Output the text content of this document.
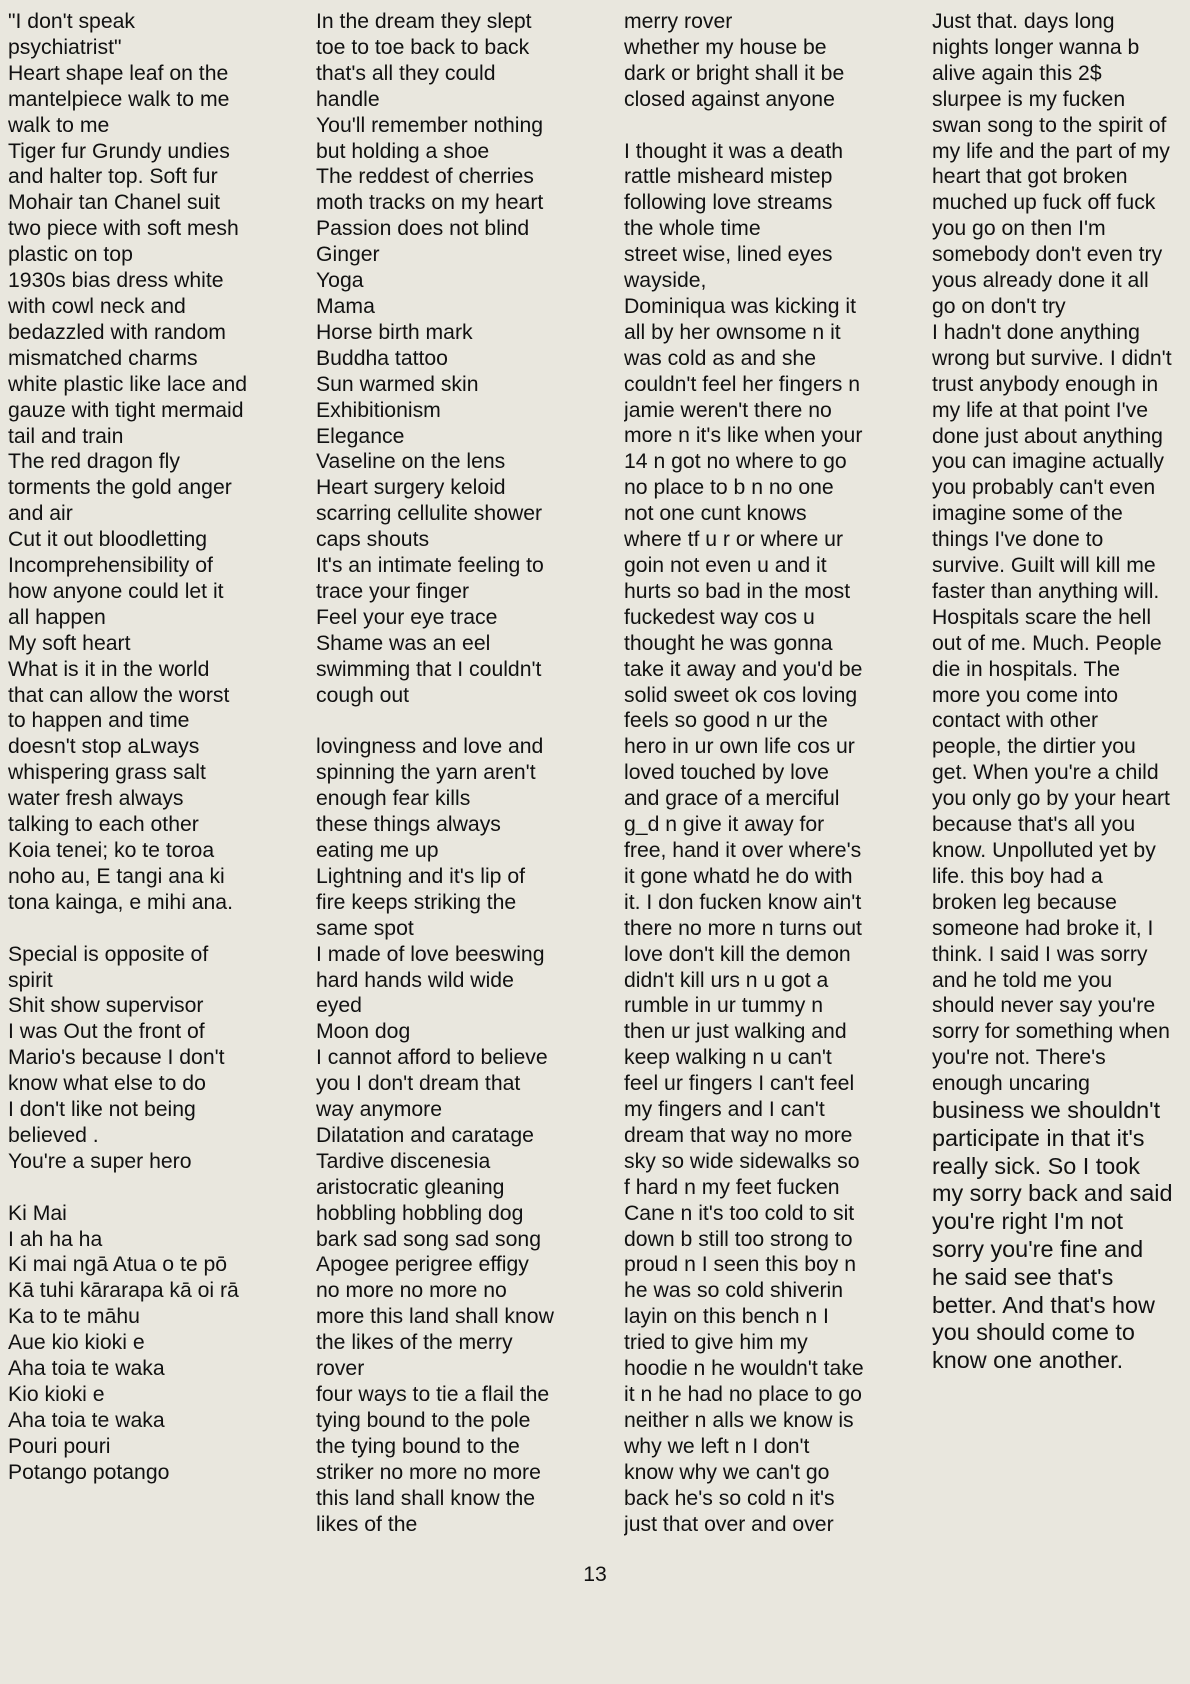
"I don't speak
psychiatrist"
Heart shape leaf on the
mantelpiece walk to me
walk to me
Tiger fur Grundy undies
and halter top. Soft fur
Mohair tan Chanel suit
two piece with soft mesh
plastic on top
1930s bias dress white
with cowl neck and
bedazzled with random
mismatched charms
white plastic like lace and
gauze with tight mermaid
tail and train
The red dragon fly
torments the gold anger
and air
Cut it out bloodletting
Incomprehensibility of
how anyone could let it
all happen
My soft heart
What is it in the world
that can allow the worst
to happen and time
doesn't stop aLways
whispering grass salt
water fresh always
talking to each other
Koia tenei; ko te toroa
noho au, E tangi ana ki
tona kainga, e mihi ana.
Special is opposite of
spirit
Shit show supervisor
I was Out the front of
Mario's because I don't
know what else to do
I don't like not being
believed .
You're a super hero
Ki Mai
I ah ha ha
Ki mai ngā Atua o te pō
Kā tuhi kārarapa kā oi rā
Ka to te māhu
Aue kio kioki e
Aha toia te waka
Kio kioki e
Aha toia te waka
Pouri pouri
Potango potango
In the dream they slept
toe to toe back to back
that's all they could
handle
You'll remember nothing
but holding a shoe
The reddest of cherries
moth tracks on my heart
Passion does not blind
Ginger
Yoga
Mama
Horse birth mark
Buddha tattoo
Sun warmed skin
Exhibitionism
Elegance
Vaseline on the lens
Heart surgery keloid
scarring cellulite shower
caps shouts
It's an intimate feeling to
trace your finger
Feel your eye trace
Shame was an eel
swimming that I couldn't
cough out
lovingness and love and
spinning the yarn aren't
enough fear kills
these things always
eating me up
Lightning and it's lip of
fire keeps striking the
same spot
I made of love beeswing
hard hands wild wide
eyed
Moon dog
I cannot afford to believe
you I don't dream that
way anymore
Dilatation and caratage
Tardive discenesia
aristocratic gleaning
hobbling hobbling dog
bark sad song sad song
Apogee perigree effigy
no more no more no
more this land shall know
the likes of the merry
rover
four ways to tie a flail the
tying bound to the pole
the tying bound to the
striker no more no more
this land shall know the
likes of the
merry rover
whether my house be
dark or bright shall it be
closed against anyone
I thought it was a death
rattle misheard mistep
following love streams
the whole time
street wise, lined eyes
wayside,
Dominiqua was kicking it
all by her ownsome n it
was cold as and she
couldn't feel her fingers n
jamie weren't there no
more n it's like when your
14 n got no where to go
no place to b n no one
not one cunt knows
where tf u r or where ur
goin not even u and it
hurts so bad in the most
fuckedest way cos u
thought he was gonna
take it away and you'd be
solid sweet ok cos loving
feels so good n ur the
hero in ur own life cos ur
loved touched by love
and grace of a merciful
g_d n give it away for
free, hand it over where's
it gone whatd he do with
it. I don fucken know ain't
there no more n turns out
love don't kill the demon
didn't kill urs n u got a
rumble in ur tummy n
then ur just walking and
keep walking n u can't
feel ur fingers I can't feel
my fingers and I can't
dream that way no more
sky so wide sidewalks so
f hard n my feet fucken
Cane n it's too cold to sit
down b still too strong to
proud n I seen this boy n
he was so cold shiverin
layin on this bench n I
tried to give him my
hoodie n he wouldn't take
it n he had no place to go
neither n alls we know is
why we left n I don't
know why we can't go
back he's so cold n it's
just that over and over
Just that. days long
nights longer wanna b
alive again this 2$
slurpee is my fucken
swan song to the spirit of
my life and the part of my
heart that got broken
muched up fuck off fuck
you go on then I'm
somebody don't even try
yous already done it all
go on don't try
I hadn't done anything
wrong but survive. I didn't
trust anybody enough in
my life at that point I've
done just about anything
you can imagine actually
you probably can't even
imagine some of the
things I've done to
survive. Guilt will kill me
faster than anything will.
Hospitals scare the hell
out of me. Much. People
die in hospitals. The
more you come into
contact with other
people, the dirtier you
get. When you're a child
you only go by your heart
because that's all you
know. Unpolluted yet by
life. this boy had a
broken leg because
someone had broke it, I
think. I said I was sorry
and he told me you
should never say you're
sorry for something when
you're not. There's
enough uncaring
business we shouldn't
participate in that it's
really sick. So I took
my sorry back and said
you're right I'm not
sorry you're fine and
he said see that's
better. And that's how
you should come to
know one another.
13
